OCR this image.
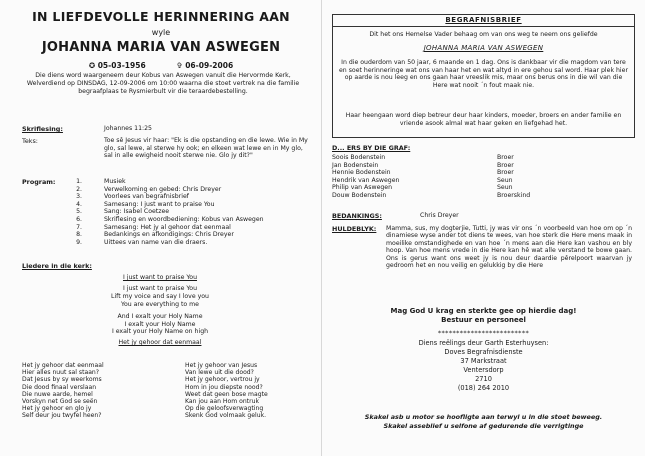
IN LIEFDEVOLLE HERINNERING AAN
wyle
JOHANNA MARIA VAN ASWEGEN
✪ 05-03-1956	✞ 06-09-2006
Die diens word waargeneem deur Kobus van Aswegen vanuit die Hervormde Kerk, Welverdiend op DINSDAG, 12-09-2006 om 10:00 waarna die stoet vertrek na die familie begraafplaas te Rysmierbult vir die teraardebestelling.
Skriflesing:	Johannes 11:25
Teks:	Toe sê Jesus vir haar: "Ek is die opstanding en die lewe. Wie in My glo, sal lewe, al sterwe hy ook; en elkeen wat lewe en in My glo, sal in alle ewigheid nooit sterwe nie. Glo jy dit?"
Program:	1.	Musiek
2.	Verwelkoming en gebed: Chris Dreyer
3.	Voorlees van begrafnisbrief
4.	Samesang: I just want to praise You
5.	Sang: Isabel Coetzee
6.	Skriflesing en woordbediening: Kobus van Aswegen
7.	Samesang: Het jy al gehoor dat eenmaal
8.	Bedankings en afkondigings: Chris Dreyer
9.	Uittees van name van die draers.
Liedere in die kerk:
I just want to praise You
I just want to praise You
Lift my voice and say I love you
You are everything to me
And I exalt your Holy Name
I exalt your Holy Name
I exalt your Holy Name on high
Het jy gehoor dat eenmaal
Het jy gehoor dat eenmaal
Hier alles nuut sal staan?
Dat Jesus by sy weerkoms
Die dood finaal verslaan
Die nuwe aarde, hemel
Vorskyn net God se seën
Het jy gehoor en glo jy
Self deur jou twyfel heen?
Het jy gehoor van Jesus
Van lewe uit die dood?
Het jy gehoor, vertrou jy
Hom in jou diepste nood?
Weet dat geen bose magte
Kan jou aan Hom ontruk
Op die geloofsverwagting
Skenk God volmaak geluk.
BEGRAFNISBRIEF
Dit het ons Hemelse Vader behaag om van ons weg te neem ons geliefde
JOHANNA MARIA VAN ASWEGEN
In die ouderdom van 50 jaar, 6 maande en 1 dag. Ons is dankbaar vir die magdom van tere en soet herinneringe wat ons van haar het en wat altyd in ere gehou sal word. Haar plek hier op aarde is nou leeg en ons gaan haar vreeslik mis, maar ons berus ons in die wil van die Here wat nooit ´n fout maak nie.
Haar heengaan word diep betreur deur haar kinders, moeder, broers en ander familie en vriende asook almal wat haar geken en liefgehad het.
D... ERS BY DIE GRAF:
Soois Bodenstein	Broer
Jan Bodenstein	Broer
Hennie Bodenstein	Broer
Hendrik van Aswegen	Seun
Philip van Aswegen	Seun
Douw Bodenstein	Broerskind
BEDANKINGS:	Chris Dreyer
HULDEBLYK: Mamma, sus, my dogterjie, Tutti, jy was vir ons ´n voorbeeld van hoe om op ´n dinamiese wyse ander tot diens te wees, van hoe sterk die Here mens maak in moeilike omstandighede en van hoe ´n mens aan die Here kan vashou en bly hoop. Van hoe mens vrede in die Here kan hê wat alle verstand te bowe gaan. Ons is gerus want ons weet jy is nou deur daardie pêrelpoort waarvan jy gedroom het en nou veilig en gelukkig by die Here
Mag God U krag en sterkte gee op hierdie dag!
Bestuur en personeel
*************************
Diens reëlings deur Garth Esterhuysen:
Doves Begrafnisdienste
37 Markstraat
Ventersdorp
2710
(018) 264 2010
Skakel asb u motor se hoofligte aan terwyl u in die stoet beweeg.
Skakel asseblief u selfone af gedurende die verrigtinge
